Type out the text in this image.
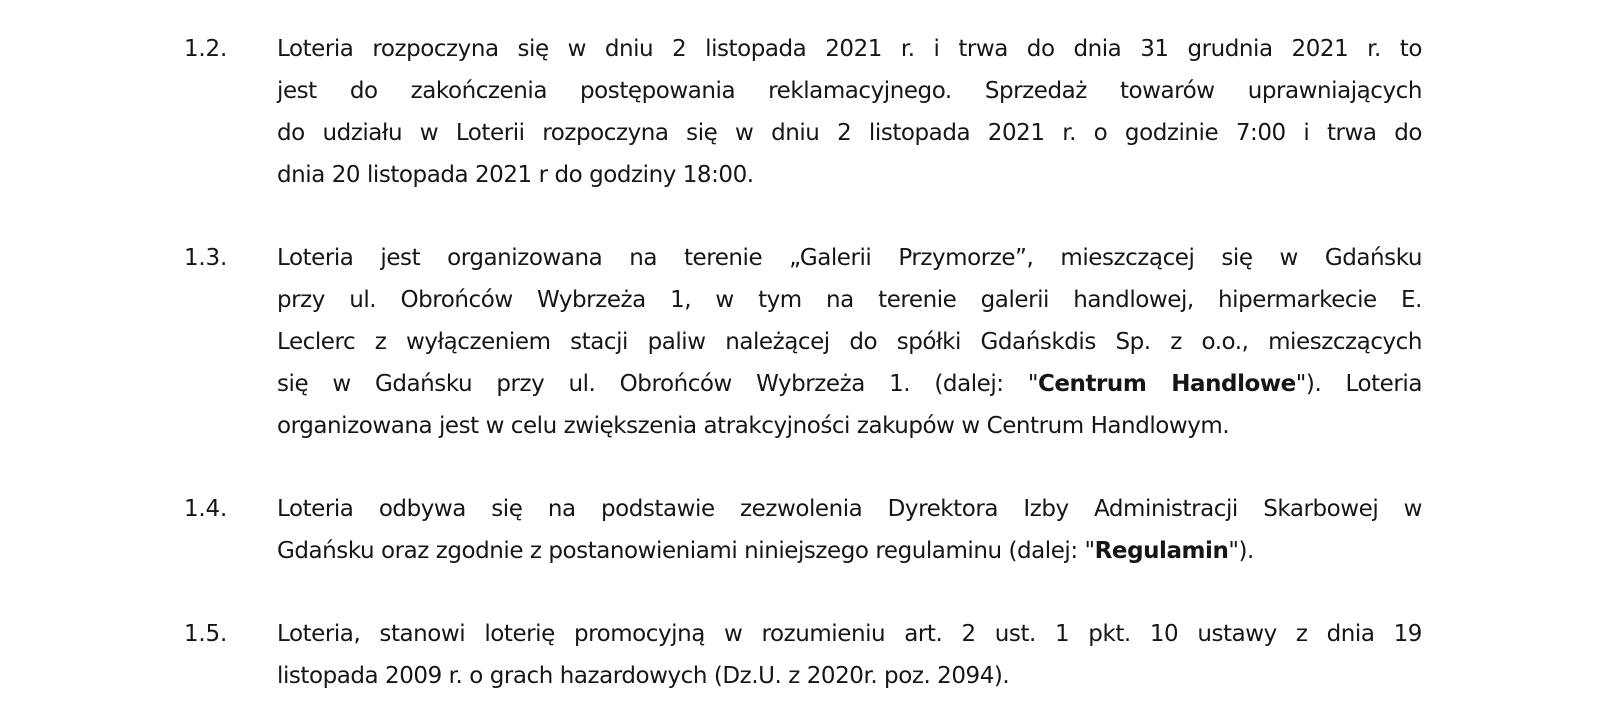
1.2. Loteria rozpoczyna się w dniu 2 listopada 2021 r. i trwa do dnia 31 grudnia 2021 r. to
jest do zakończenia postępowania reklamacyjnego. Sprzedaż towarów uprawniających
do udziału w Loterii rozpoczyna się w dniu 2 listopada 2021 r. o godzinie 7:00 i trwa do
dnia 20 listopada 2021 r do godziny 18:00.
1.3. Loteria jest organizowana na terenie „Galerii Przymorze”, mieszczącej się w Gdańsku
przy ul. Obrońców Wybrzeża 1, w tym na terenie galerii handlowej, hipermarkecie E.
Leclerc z wyłączeniem stacji paliw należącej do spółki Gdańskdis Sp. z o.o., mieszczących
się w Gdańsku przy ul. Obrońców Wybrzeża 1. (dalej: "Centrum Handlowe"). Loteria
organizowana jest w celu zwiększenia atrakcyjności zakupów w Centrum Handlowym.
1.4. Loteria odbywa się na podstawie zezwolenia Dyrektora Izby Administracji Skarbowej w
Gdańsku oraz zgodnie z postanowieniami niniejszego regulaminu (dalej: "Regulamin").
1.5. Loteria, stanowi loterię promocyjną w rozumieniu art. 2 ust. 1 pkt. 10 ustawy z dnia 19
listopada 2009 r. o grach hazardowych (Dz.U. z 2020r. poz. 2094).
